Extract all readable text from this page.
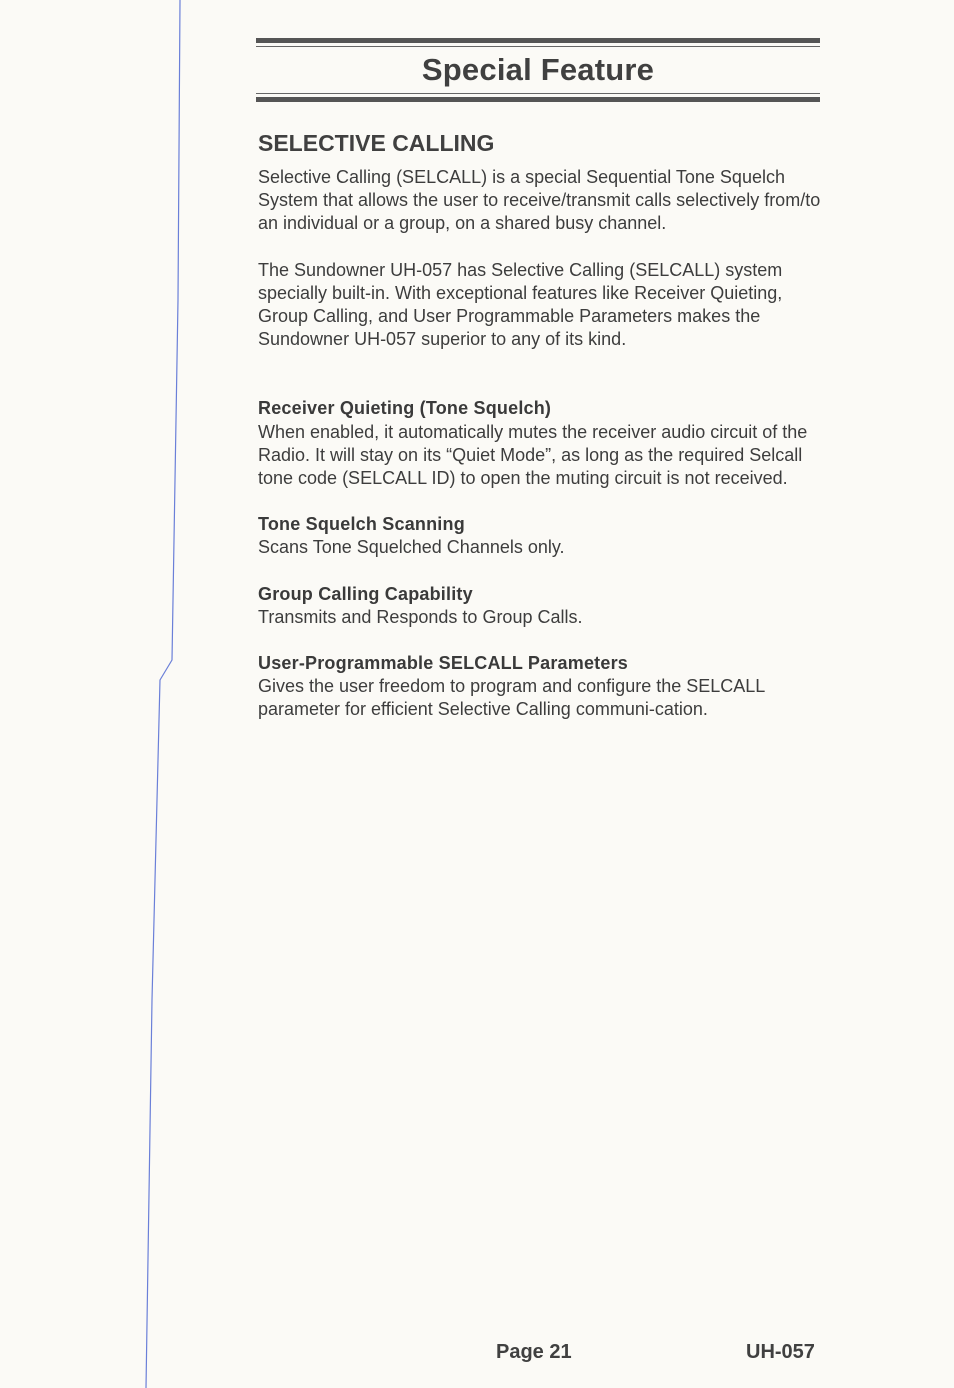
Special Feature
SELECTIVE CALLING

Selective Calling (SELCALL) is a special Sequential Tone Squelch System that allows the user to receive/transmit calls selectively from/to an individual or a group, on a shared busy channel.

The Sundowner UH-057 has Selective Calling (SELCALL) system specially built-in. With exceptional features like Receiver Quieting, Group Calling, and User Programmable Parameters makes the Sundowner UH-057 superior to any of its kind.

Receiver Quieting (Tone Squelch)
When enabled, it automatically mutes the receiver audio circuit of the Radio. It will stay on its “Quiet Mode”, as long as the required Selcall tone code (SELCALL ID) to open the muting circuit is not received.
Tone Squelch Scanning
Scans Tone Squelched Channels only.
Group Calling Capability
Transmits and Responds to Group Calls.
User-Programmable SELCALL Parameters
Gives the user freedom to program and configure the SELCALL parameter for efficient Selective Calling communi-cation.
Page 21	UH-057
